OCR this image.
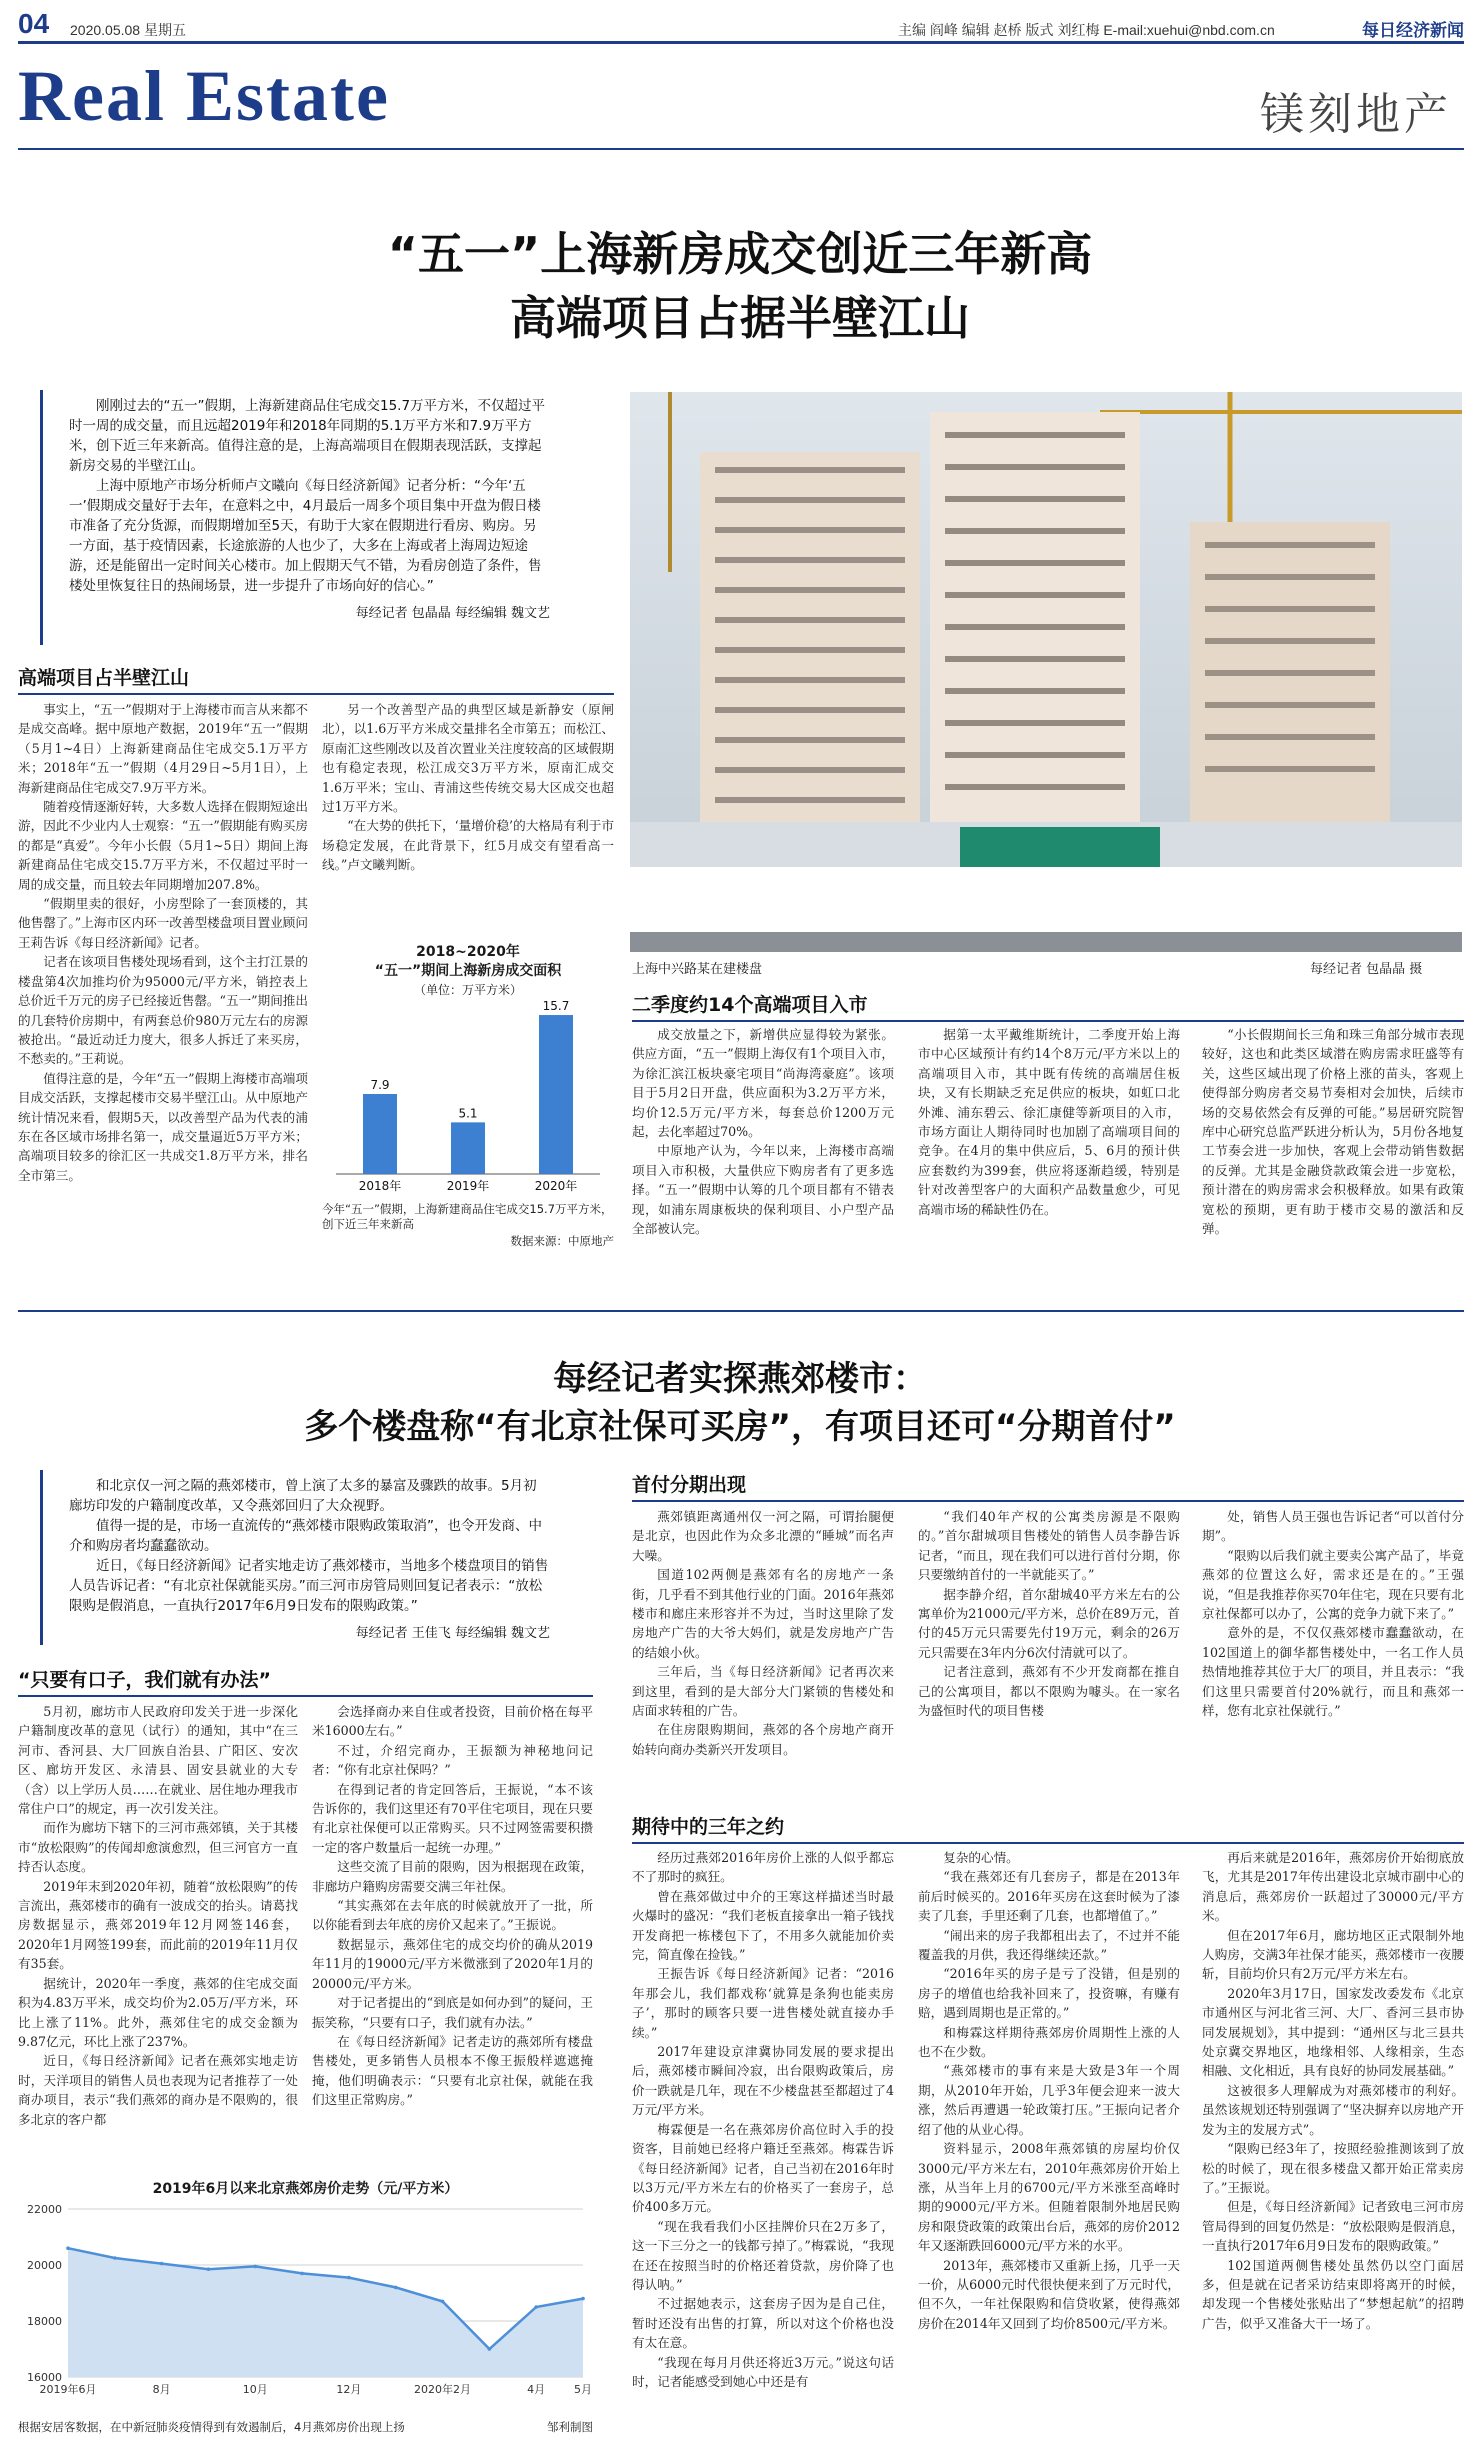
04 2020.05.08 星期五	主编 阎峰 编辑 赵桥 版式 刘红梅 E-mail:xuehui@nbd.com.cn	每日经济新闻
Real Estate	镁刻地产
“五一”上海新房成交创近三年新高
高端项目占据半壁江山

刚刚过去的“五一”假期，上海新建商品住宅成交15.7万平方米，不仅超过平时一周的成交量，而且远超2019年和2018年同期的5.1万平方米和7.9万平方米，创下近三年来新高。值得注意的是，上海高端项目在假期表现活跃，支撑起新房交易的半壁江山。

上海中原地产市场分析师卢文曦向《每日经济新闻》记者分析：“今年‘五一’假期成交量好于去年，在意料之中，4月最后一周多个项目集中开盘为假日楼市准备了充分货源，而假期增加至5天，有助于大家在假期进行看房、购房。另一方面，基于疫情因素，长途旅游的人也少了，大多在上海或者上海周边短途游，还是能留出一定时间关心楼市。加上假期天气不错，为看房创造了条件，售楼处里恢复往日的热闹场景，进一步提升了市场向好的信心。”

每经记者 包晶晶 每经编辑 魏文艺

高端项目占半壁江山

事实上，“五一”假期对于上海楼市而言从来都不是成交高峰。据中原地产数据，2019年“五一”假期（5月1~4日）上海新建商品住宅成交5.1万平方米；2018年“五一”假期（4月29日~5月1日），上海新建商品住宅成交7.9万平方米。

随着疫情逐渐好转，大多数人选择在假期短途出游，因此不少业内人士观察：“五一”假期能有购买房的都是“真爱”。今年小长假（5月1~5日）期间上海新建商品住宅成交15.7万平方米，不仅超过平时一周的成交量，而且较去年同期增加207.8%。

“假期里卖的很好，小房型除了一套顶楼的，其他售罄了。”上海市区内环一改善型楼盘项目置业顾问王莉告诉《每日经济新闻》记者。

记者在该项目售楼处现场看到，这个主打江景的楼盘第4次加推均价为95000元/平方米，销控表上总价近千万元的房子已经接近售罄。“五一”期间推出的几套特价房期中，有两套总价980万元左右的房源被抢出。“最近动迁力度大，很多人拆迁了来买房，不愁卖的。”王莉说。

值得注意的是，今年“五一”假期上海楼市高端项目成交活跃，支撑起楼市交易半壁江山。从中原地产统计情况来看，假期5天，以改善型产品为代表的浦东在各区域市场排名第一，成交量逼近5万平方米；高端项目较多的徐汇区一共成交1.8万平方米，排名全市第三。

另一个改善型产品的典型区域是新静安（原闸北），以1.6万平方米成交量排名全市第五；而松江、原南汇这些刚改以及首次置业关注度较高的区域假期也有稳定表现，松江成交3万平方米，原南汇成交1.6万平米；宝山、青浦这些传统交易大区成交也超过1万平方米。

“在大势的供托下，‘量增价稳’的大格局有利于市场稳定发展，在此背景下，红5月成交有望看高一线。”卢文曦判断。

2018~2020年
“五一”期间上海新房成交面积
（单位：万平方米）
7.9
2018年
5.1
2019年
15.7
2020年
今年“五一”假期，上海新建商品住宅成交15.7万平方米，创下近三年来新高
数据来源：中原地产
上海中兴路某在建楼盘	每经记者 包晶晶 摄
二季度约14个高端项目入市

成交放量之下，新增供应显得较为紧张。供应方面，“五一”假期上海仅有1个项目入市，为徐汇滨江板块豪宅项目“尚海湾豪庭”。该项目于5月2日开盘，供应面积为3.2万平方米，均价12.5万元/平方米，每套总价1200万元起，去化率超过70%。

中原地产认为，今年以来，上海楼市高端项目入市积极，大量供应下购房者有了更多选择。“五一”假期中认筹的几个项目都有不错表现，如浦东周康板块的保利项目、小户型产品全部被认完。

据第一太平戴维斯统计，二季度开始上海市中心区域预计有约14个8万元/平方米以上的高端项目入市，其中既有传统的高端居住板块，又有长期缺乏充足供应的板块，如虹口北外滩、浦东碧云、徐汇康健等新项目的入市，市场方面让人期待同时也加剧了高端项目间的竞争。在4月的集中供应后，5、6月的预计供应套数约为399套，供应将逐渐趋缓，特别是针对改善型客户的大面积产品数量愈少，可见高端市场的稀缺性仍在。

“小长假期间长三角和珠三角部分城市表现较好，这也和此类区域潜在购房需求旺盛等有关，这些区域出现了价格上涨的苗头，客观上使得部分购房者交易节奏相对会加快，后续市场的交易依然会有反弹的可能。”易居研究院智库中心研究总监严跃进分析认为，5月份各地复工节奏会进一步加快，客观上会带动销售数据的反弹。尤其是金融贷款政策会进一步宽松，预计潜在的购房需求会积极释放。如果有政策宽松的预期，更有助于楼市交易的激活和反弹。

每经记者实探燕郊楼市：
多个楼盘称“有北京社保可买房”，有项目还可“分期首付”

和北京仅一河之隔的燕郊楼市，曾上演了太多的暴富及骤跌的故事。5月初廊坊印发的户籍制度改革，又令燕郊回归了大众视野。

值得一提的是，市场一直流传的“燕郊楼市限购政策取消”，也令开发商、中介和购房者均蠢蠢欲动。

近日，《每日经济新闻》记者实地走访了燕郊楼市，当地多个楼盘项目的销售人员告诉记者：“有北京社保就能买房。”而三河市房管局则回复记者表示：“放松限购是假消息，一直执行2017年6月9日发布的限购政策。”

每经记者 王佳飞 每经编辑 魏文艺

“只要有口子，我们就有办法”

5月初，廊坊市人民政府印发关于进一步深化户籍制度改革的意见（试行）的通知，其中“在三河市、香河县、大厂回族自治县、广阳区、安次区、廊坊开发区、永清县、固安县就业的大专（含）以上学历人员……在就业、居住地办理我市常住户口”的规定，再一次引发关注。

而作为廊坊下辖下的三河市燕郊镇，关于其楼市“放松限购”的传闻却愈演愈烈，但三河官方一直持否认态度。

2019年末到2020年初，随着“放松限购”的传言流出，燕郊楼市的确有一波成交的抬头。请葛找房数据显示，燕郊2019年12月网签146套，2020年1月网签199套，而此前的2019年11月仅有35套。

据统计，2020年一季度，燕郊的住宅成交面积为4.83万平米，成交均价为2.05万/平方米，环比上涨了11%。此外，燕郊住宅的成交金额为9.87亿元，环比上涨了237%。

近日，《每日经济新闻》记者在燕郊实地走访时，天洋项目的销售人员也表现为记者推荐了一处商办项目，表示“我们燕郊的商办是不限购的，很多北京的客户都

会选择商办来自住或者投资，目前价格在每平米16000左右。”

不过，介绍完商办，王振额为神秘地问记者：“你有北京社保吗？”

在得到记者的肯定回答后，王振说，“本不该告诉你的，我们这里还有70平住宅项目，现在只要有北京社保便可以正常购买。只不过网签需要积攒一定的客户数量后一起统一办理。”

这些交流了目前的限购，因为根据现在政策，非廊坊户籍购房需要交满三年社保。

“其实燕郊在去年底的时候就放开了一批，所以你能看到去年底的房价又起来了。”王振说。

数据显示，燕郊住宅的成交均价的确从2019年11月的19000元/平方米微涨到了2020年1月的20000元/平方米。

对于记者提出的“到底是如何办到”的疑问，王振笑称，“只要有口子，我们就有办法。”

在《每日经济新闻》记者走访的燕郊所有楼盘售楼处，更多销售人员根本不像王振般样遮遮掩掩，他们明确表示：“只要有北京社保，就能在我们这里正常购房。”

2019年6月以来北京燕郊房价走势（元/平方米）
16000
18000
20000
22000
2019年6月	8月	10月	12月	2020年2月	4月	5月
根据安居客数据，在中新冠肺炎疫情得到有效遏制后，4月燕郊房价出现上扬	邹利制图
首付分期出现

燕郊镇距离通州仅一河之隔，可谓抬腿便是北京，也因此作为众多北漂的“睡城”而名声大噪。

国道102两侧是燕郊有名的房地产一条街，几乎看不到其他行业的门面。2016年燕郊楼市和廊庄来形容并不为过，当时这里除了发房地产广告的大爷大妈们，就是发房地产广告的结娘小伙。

三年后，当《每日经济新闻》记者再次来到这里，看到的是大部分大门紧锁的售楼处和店面求转租的广告。

在住房限购期间，燕郊的各个房地产商开始转向商办类新兴开发项目。

“我们40年产权的公寓类房源是不限购的。”首尔甜城项目售楼处的销售人员李静告诉记者，“而且，现在我们可以进行首付分期，你只要缴纳首付的一半就能买了。”

据李静介绍，首尔甜城40平方米左右的公寓单价为21000元/平方米，总价在89万元，首付的45万元只需要先付19万元，剩余的26万元只需要在3年内分6次付清就可以了。

记者注意到，燕郊有不少开发商都在推自己的公寓项目，都以不限购为噱头。在一家名为盛恒时代的项目售楼

处，销售人员王强也告诉记者“可以首付分期”。

“限购以后我们就主要卖公寓产品了，毕竟燕郊的位置这么好，需求还是在的。”王强说，“但是我推荐你买70年住宅，现在只要有北京社保都可以办了，公寓的竞争力就下来了。”

意外的是，不仅仅燕郊楼市蠢蠢欲动，在102国道上的御华都售楼处中，一名工作人员热情地推荐其位于大厂的项目，并且表示：“我们这里只需要首付20%就行，而且和燕郊一样，您有北京社保就行。”

期待中的三年之约

经历过燕郊2016年房价上涨的人似乎都忘不了那时的疯狂。

曾在燕郊做过中介的王寒这样描述当时最火爆时的盛况：“我们老板直接拿出一箱子钱找开发商把一栋楼包下了，不用多久就能加价卖完，简直像在捡钱。”

王振告诉《每日经济新闻》记者：“2016年那会儿，我们都戏称‘就算是条狗也能卖房子’，那时的顾客只要一进售楼处就直接办手续。”

2017年建设京津冀协同发展的要求提出后，燕郊楼市瞬间冷寂，出台限购政策后，房价一跌就是几年，现在不少楼盘甚至都超过了4万元/平方米。

梅霖便是一名在燕郊房价高位时入手的投资客，目前她已经将户籍迁至燕郊。梅霖告诉《每日经济新闻》记者，自己当初在2016年时以3万元/平方米左右的价格买了一套房子，总价400多万元。

“现在我看我们小区挂牌价只在2万多了，这一下三分之一的钱都亏掉了。”梅霖说，“我现在还在按照当时的价格还着贷款，房价降了也得认呐。”

不过据她表示，这套房子因为是自己住，暂时还没有出售的打算，所以对这个价格也没有太在意。

“我现在每月月供还将近3万元。”说这句话时，记者能感受到她心中还是有

复杂的心情。

“我在燕郊还有几套房子，都是在2013年前后时候买的。2016年买房在这套时候为了漆卖了几套，手里还剩了几套，也都增值了。”

“闹出来的房子我都租出去了，不过并不能覆盖我的月供，我还得继续还款。”

“2016年买的房子是亏了没错，但是别的房子的增值也给我补回来了，投资嘛，有赚有赔，遇到周期也是正常的。”

和梅霖这样期待燕郊房价周期性上涨的人也不在少数。

“燕郊楼市的事有来是大致是3年一个周期，从2010年开始，几乎3年便会迎来一波大涨，然后再遭遇一轮政策打压。”王振向记者介绍了他的从业心得。

资料显示，2008年燕郊镇的房屋均价仅3000元/平方米左右，2010年燕郊房价开始上涨，从当年上月的6700元/平方米涨至高峰时期的9000元/平方米。但随着限制外地居民购房和限贷政策的政策出台后，燕郊的房价2012年又逐渐跌回6000元/平方米的水平。

2013年，燕郊楼市又重新上扬，几乎一天一价，从6000元时代很快便来到了万元时代，但不久，一年社保限购和信贷收紧，使得燕郊房价在2014年又回到了均价8500元/平方米。

再后来就是2016年，燕郊房价开始彻底放飞，尤其是2017年传出建设北京城市副中心的消息后，燕郊房价一跃超过了30000元/平方米。

但在2017年6月，廊坊地区正式限制外地人购房，交满3年社保才能买，燕郊楼市一夜腰斩，目前均价只有2万元/平方米左右。

2020年3月17日，国家发改委发布《北京市通州区与河北省三河、大厂、香河三县市协同发展规划》，其中提到：“通州区与北三县共处京冀交界地区，地缘相邻、人缘相亲，生态相融、文化相近，具有良好的协同发展基础。”

这被很多人理解成为对燕郊楼市的利好。虽然该规划还特别强调了“坚决摒弃以房地产开发为主的发展方式”。

“限购已经3年了，按照经验推测该到了放松的时候了，现在很多楼盘又都开始正常卖房了。”王振说。

但是，《每日经济新闻》记者致电三河市房管局得到的回复仍然是：“放松限购是假消息，一直执行2017年6月9日发布的限购政策。”

102国道两侧售楼处虽然仍以空门面居多，但是就在记者采访结束即将离开的时候，却发现一个售楼处张贴出了“梦想起航”的招聘广告，似乎又准备大干一场了。
